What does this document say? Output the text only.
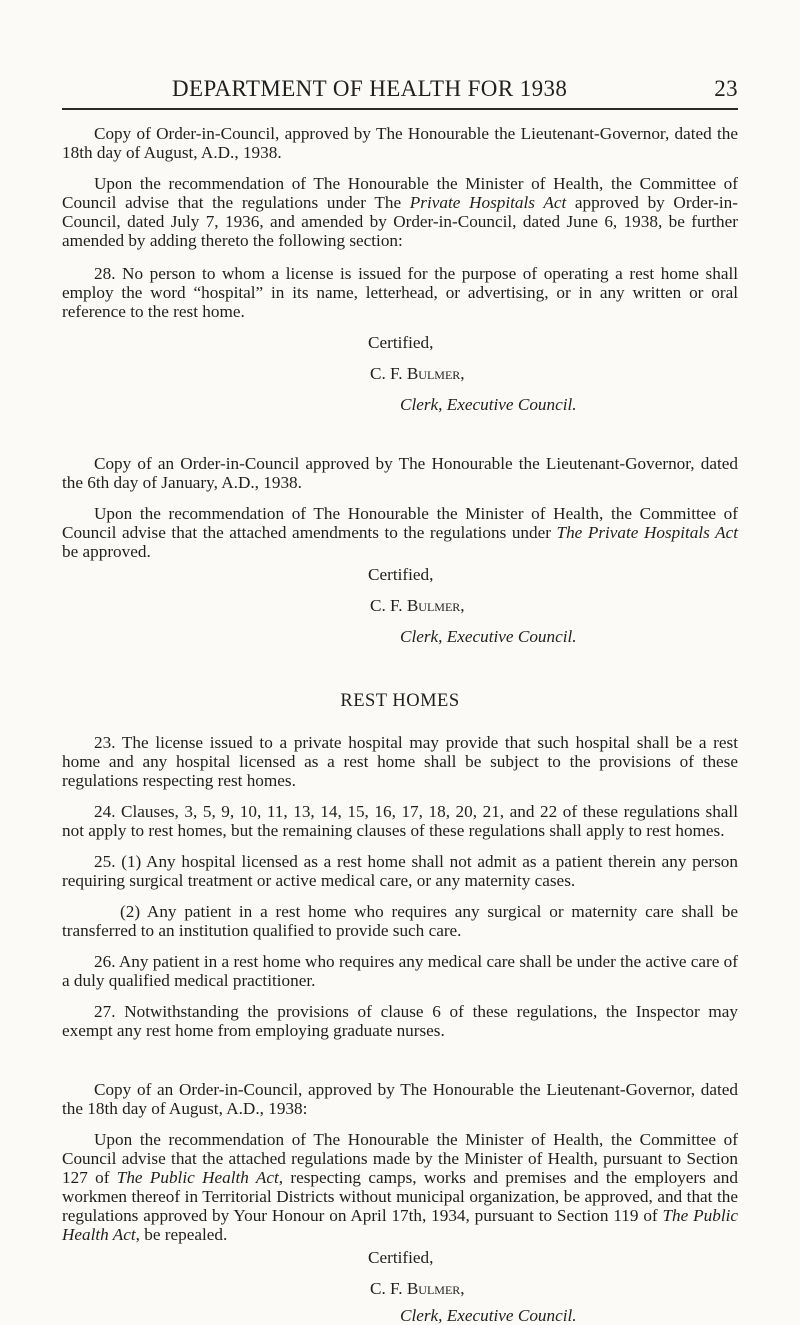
DEPARTMENT OF HEALTH FOR 1938	23

Copy of Order-in-Council, approved by The Honourable the Lieutenant-Governor, dated the 18th day of August, A.D., 1938.

Upon the recommendation of The Honourable the Minister of Health, the Committee of Council advise that the regulations under The Private Hospitals Act approved by Order-in-Council, dated July 7, 1936, and amended by Order-in-Council, dated June 6, 1938, be further amended by adding thereto the following section:

28. No person to whom a license is issued for the purpose of operating a rest home shall employ the word “hospital” in its name, letterhead, or advertising, or in any written or oral reference to the rest home.

Certified,

C. F. Bulmer,

Clerk, Executive Council.

Copy of an Order-in-Council approved by The Honourable the Lieutenant-Governor, dated the 6th day of January, A.D., 1938.

Upon the recommendation of The Honourable the Minister of Health, the Committee of Council advise that the attached amendments to the regulations under The Private Hospitals Act be approved.

Certified,

C. F. Bulmer,

Clerk, Executive Council.

REST HOMES

23. The license issued to a private hospital may provide that such hospital shall be a rest home and any hospital licensed as a rest home shall be subject to the provisions of these regulations respecting rest homes.

24. Clauses, 3, 5, 9, 10, 11, 13, 14, 15, 16, 17, 18, 20, 21, and 22 of these regulations shall not apply to rest homes, but the remaining clauses of these regulations shall apply to rest homes.

25. (1) Any hospital licensed as a rest home shall not admit as a patient therein any person requiring surgical treatment or active medical care, or any maternity cases.

(2) Any patient in a rest home who requires any surgical or maternity care shall be transferred to an institution qualified to provide such care.

26. Any patient in a rest home who requires any medical care shall be under the active care of a duly qualified medical practitioner.

27. Notwithstanding the provisions of clause 6 of these regulations, the Inspector may exempt any rest home from employing graduate nurses.

Copy of an Order-in-Council, approved by The Honourable the Lieutenant-Governor, dated the 18th day of August, A.D., 1938:

Upon the recommendation of The Honourable the Minister of Health, the Committee of Council advise that the attached regulations made by the Minister of Health, pursuant to Section 127 of The Public Health Act, respecting camps, works and premises and the employers and workmen thereof in Territorial Districts without municipal organization, be approved, and that the regulations approved by Your Honour on April 17th, 1934, pursuant to Section 119 of The Public Health Act, be repealed.

Certified,

C. F. Bulmer,

Clerk, Executive Council.
